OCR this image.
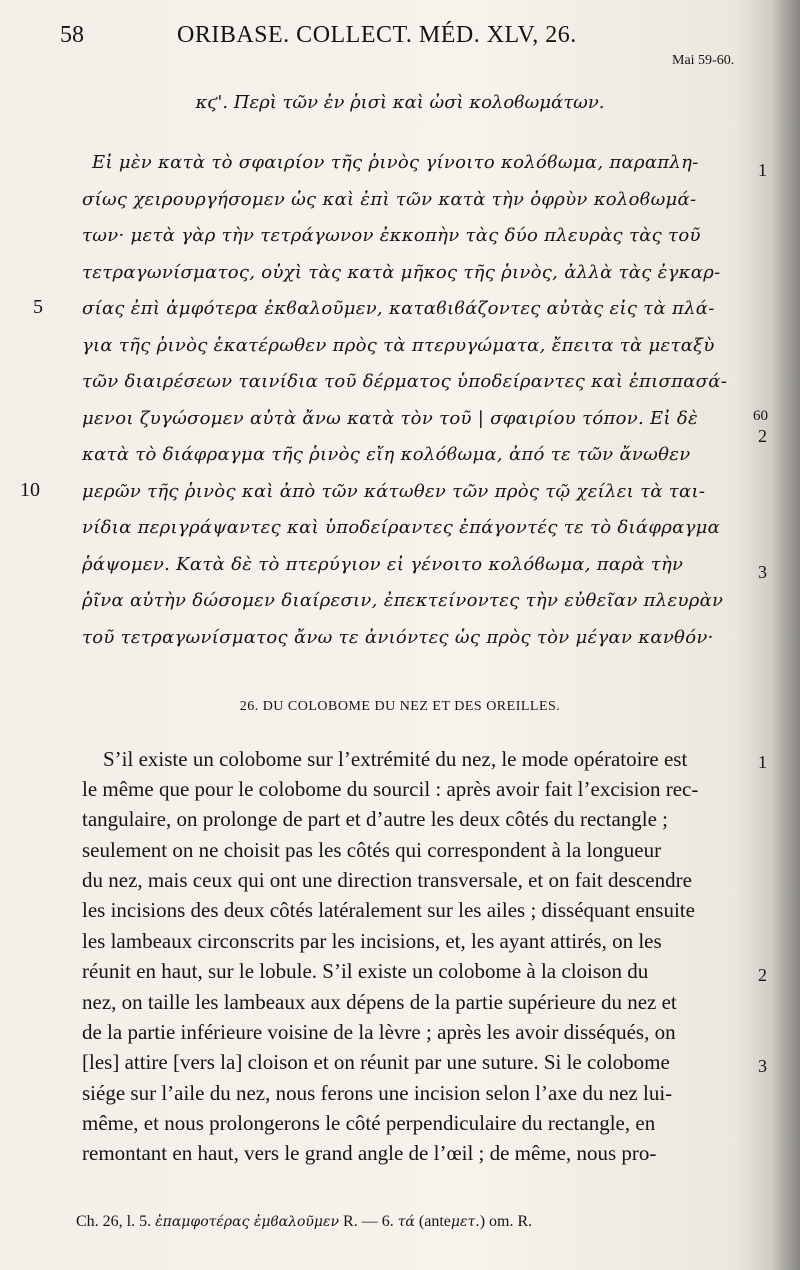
58	ORIBASE. COLLECT. MÉD. XLV, 26.
Mai 59-60.
κϛ'. Περὶ τῶν ἐν ῥισὶ καὶ ὠσὶ κολοϐωμάτων.
Εἰ μὲν κατὰ τὸ σφαιρίον τῆς ῥινὸς γίνοιτο κολόϐωμα, παραπλη-
σίως χειρουργήσομεν ὡς καὶ ἐπὶ τῶν κατὰ τὴν ὀφρὺν κολοϐωμά-
των· μετὰ γὰρ τὴν τετράγωνον ἐκκοπὴν τὰς δύο πλευρὰς τὰς τοῦ
τετραγωνίσματος, οὐχὶ τὰς κατὰ μῆκος τῆς ῥινὸς, ἀλλὰ τὰς ἐγκαρ-
σίας ἐπὶ ἀμφότερα ἐκϐαλοῦμεν, καταϐιϐάζοντες αὐτὰς εἰς τὰ πλά-
για τῆς ῥινὸς ἑκατέρωθεν πρὸς τὰ πτερυγώματα, ἔπειτα τὰ μεταξὺ
τῶν διαιρέσεων ταινίδια τοῦ δέρματος ὑποδείραντες καὶ ἐπισπασά-
μενοι ζυγώσομεν αὐτὰ ἄνω κατὰ τὸν τοῦ | σφαιρίου τόπον. Εἰ δὲ
κατὰ τὸ διάφραγμα τῆς ῥινὸς εἴη κολόϐωμα, ἀπό τε τῶν ἄνωθεν
μερῶν τῆς ῥινὸς καὶ ἀπὸ τῶν κάτωθεν τῶν πρὸς τῷ χείλει τὰ ται-
νίδια περιγράψαντες καὶ ὑποδείραντες ἐπάγοντές τε τὸ διάφραγμα
ῥάψομεν. Κατὰ δὲ τὸ πτερύγιον εἰ γένοιτο κολόϐωμα, παρὰ τὴν
ῥῖνα αὐτὴν δώσομεν διαίρεσιν, ἐπεκτείνοντες τὴν εὐθεῖαν πλευρὰν
τοῦ τετραγωνίσματος ἄνω τε ἀνιόντες ὡς πρὸς τὸν μέγαν κανθόν·
5
10
1
60
2
3
26. DU COLOBOME DU NEZ ET DES OREILLES.
S’il existe un colobome sur l’extrémité du nez, le mode opératoire est
le même que pour le colobome du sourcil : après avoir fait l’excision rec-
tangulaire, on prolonge de part et d’autre les deux côtés du rectangle ;
seulement on ne choisit pas les côtés qui correspondent à la longueur
du nez, mais ceux qui ont une direction transversale, et on fait descendre
les incisions des deux côtés latéralement sur les ailes ; disséquant ensuite
les lambeaux circonscrits par les incisions, et, les ayant attirés, on les
réunit en haut, sur le lobule. S’il existe un colobome à la cloison du
nez, on taille les lambeaux aux dépens de la partie supérieure du nez et
de la partie inférieure voisine de la lèvre ; après les avoir disséqués, on
[les] attire [vers la] cloison et on réunit par une suture. Si le colobome
siége sur l’aile du nez, nous ferons une incision selon l’axe du nez lui-
même, et nous prolongerons le côté perpendiculaire du rectangle, en
remontant en haut, vers le grand angle de l’œil ; de même, nous pro-
1
2
3
Ch. 26, l. 5. ἐπαμφοτέρας ἐμϐαλοῦμεν R. — 6. τά (anteμετ.) om. R.
